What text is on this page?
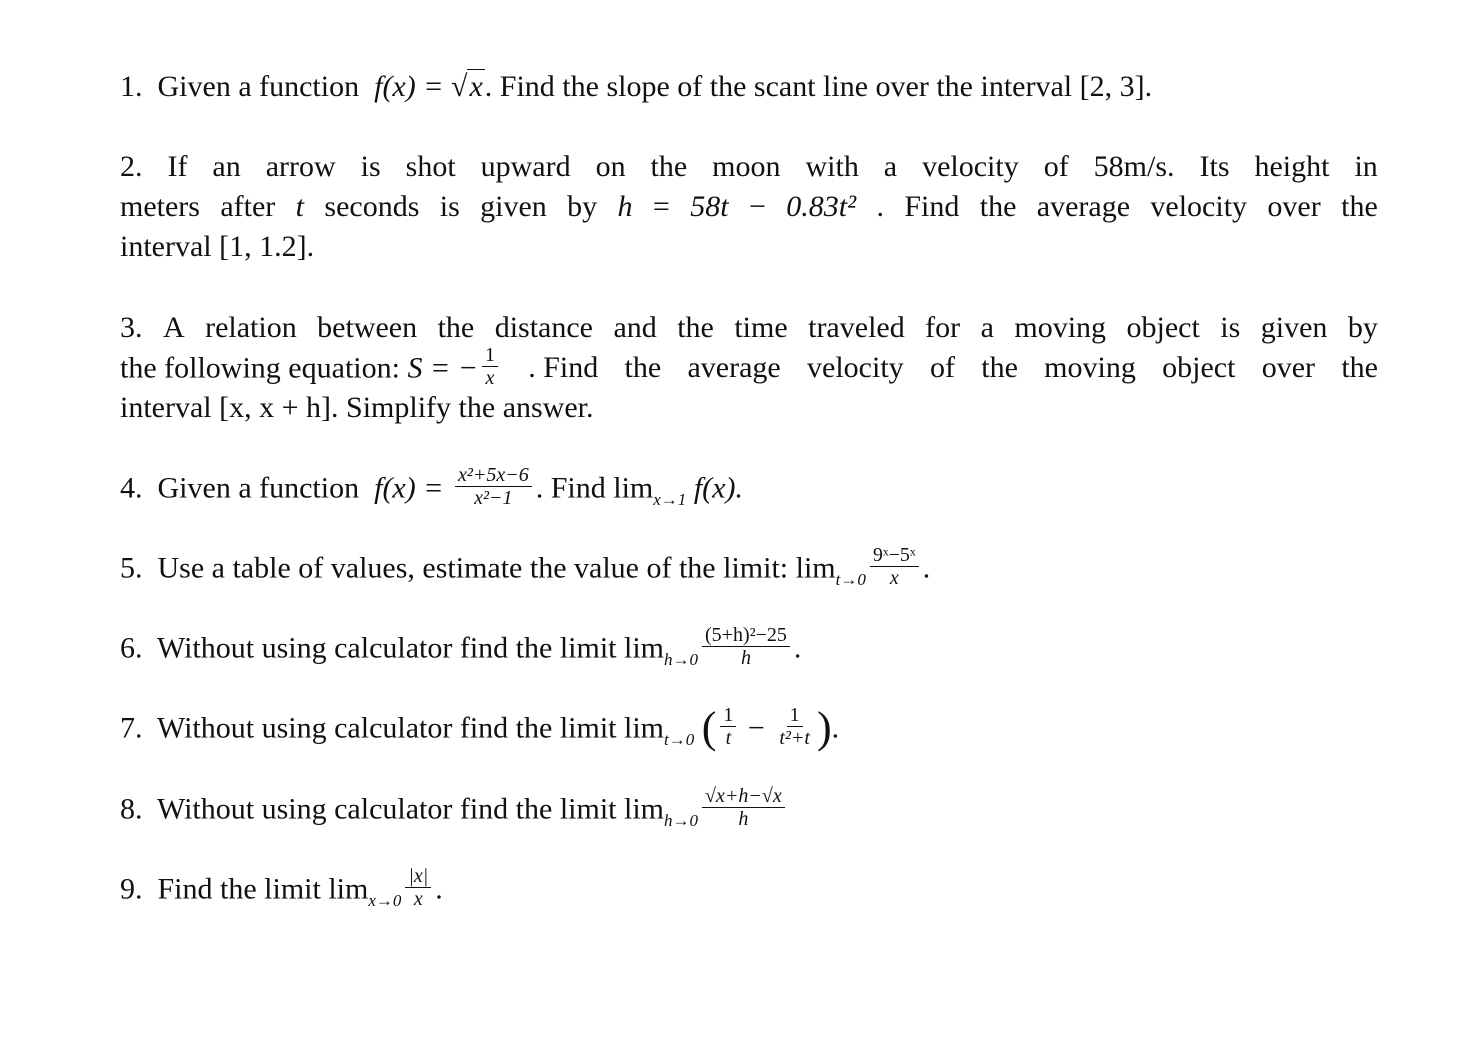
1. Given a function f(x) = √x. Find the slope of the scant line over the interval [2, 3].
2. If an arrow is shot upward on the moon with a velocity of 58m/s. Its height in
meters after t seconds is given by h = 58t − 0.83t² . Find the average velocity over the
interval [1, 1.2].
3. A relation between the distance and the time traveled for a moving object is given by
the following equation: S = − $\frac{1}{x}$ . Find the average velocity of the moving object over the
interval [x, x + h]. Simplify the answer.
4. Given a function $f(x) = \frac{\text{x²+5x−6}}{\text{x²−1}}$ . Find $\lim_{x\to 1} f(x)$.
5. Use a table of values, estimate the value of the limit: $\lim_{t\to 0} \frac{\text{9ˣ−5ˣ}}{x}$ .
6. Without using calculator find the limit $\lim_{h\to 0} \frac{\text{(5+h)²−25}}{h}$ .
7. Without using calculator find the limit $\lim_{t\to 0}$ ( $\frac{1}{t} - \frac{1}{\text{t²+t}}$ ).
8. Without using calculator find the limit $\lim_{h\to 0} \frac{√x+h-√x}{h}$
9. Find the limit $\lim_{x\to 0} \frac{|x|}{x}$ .
